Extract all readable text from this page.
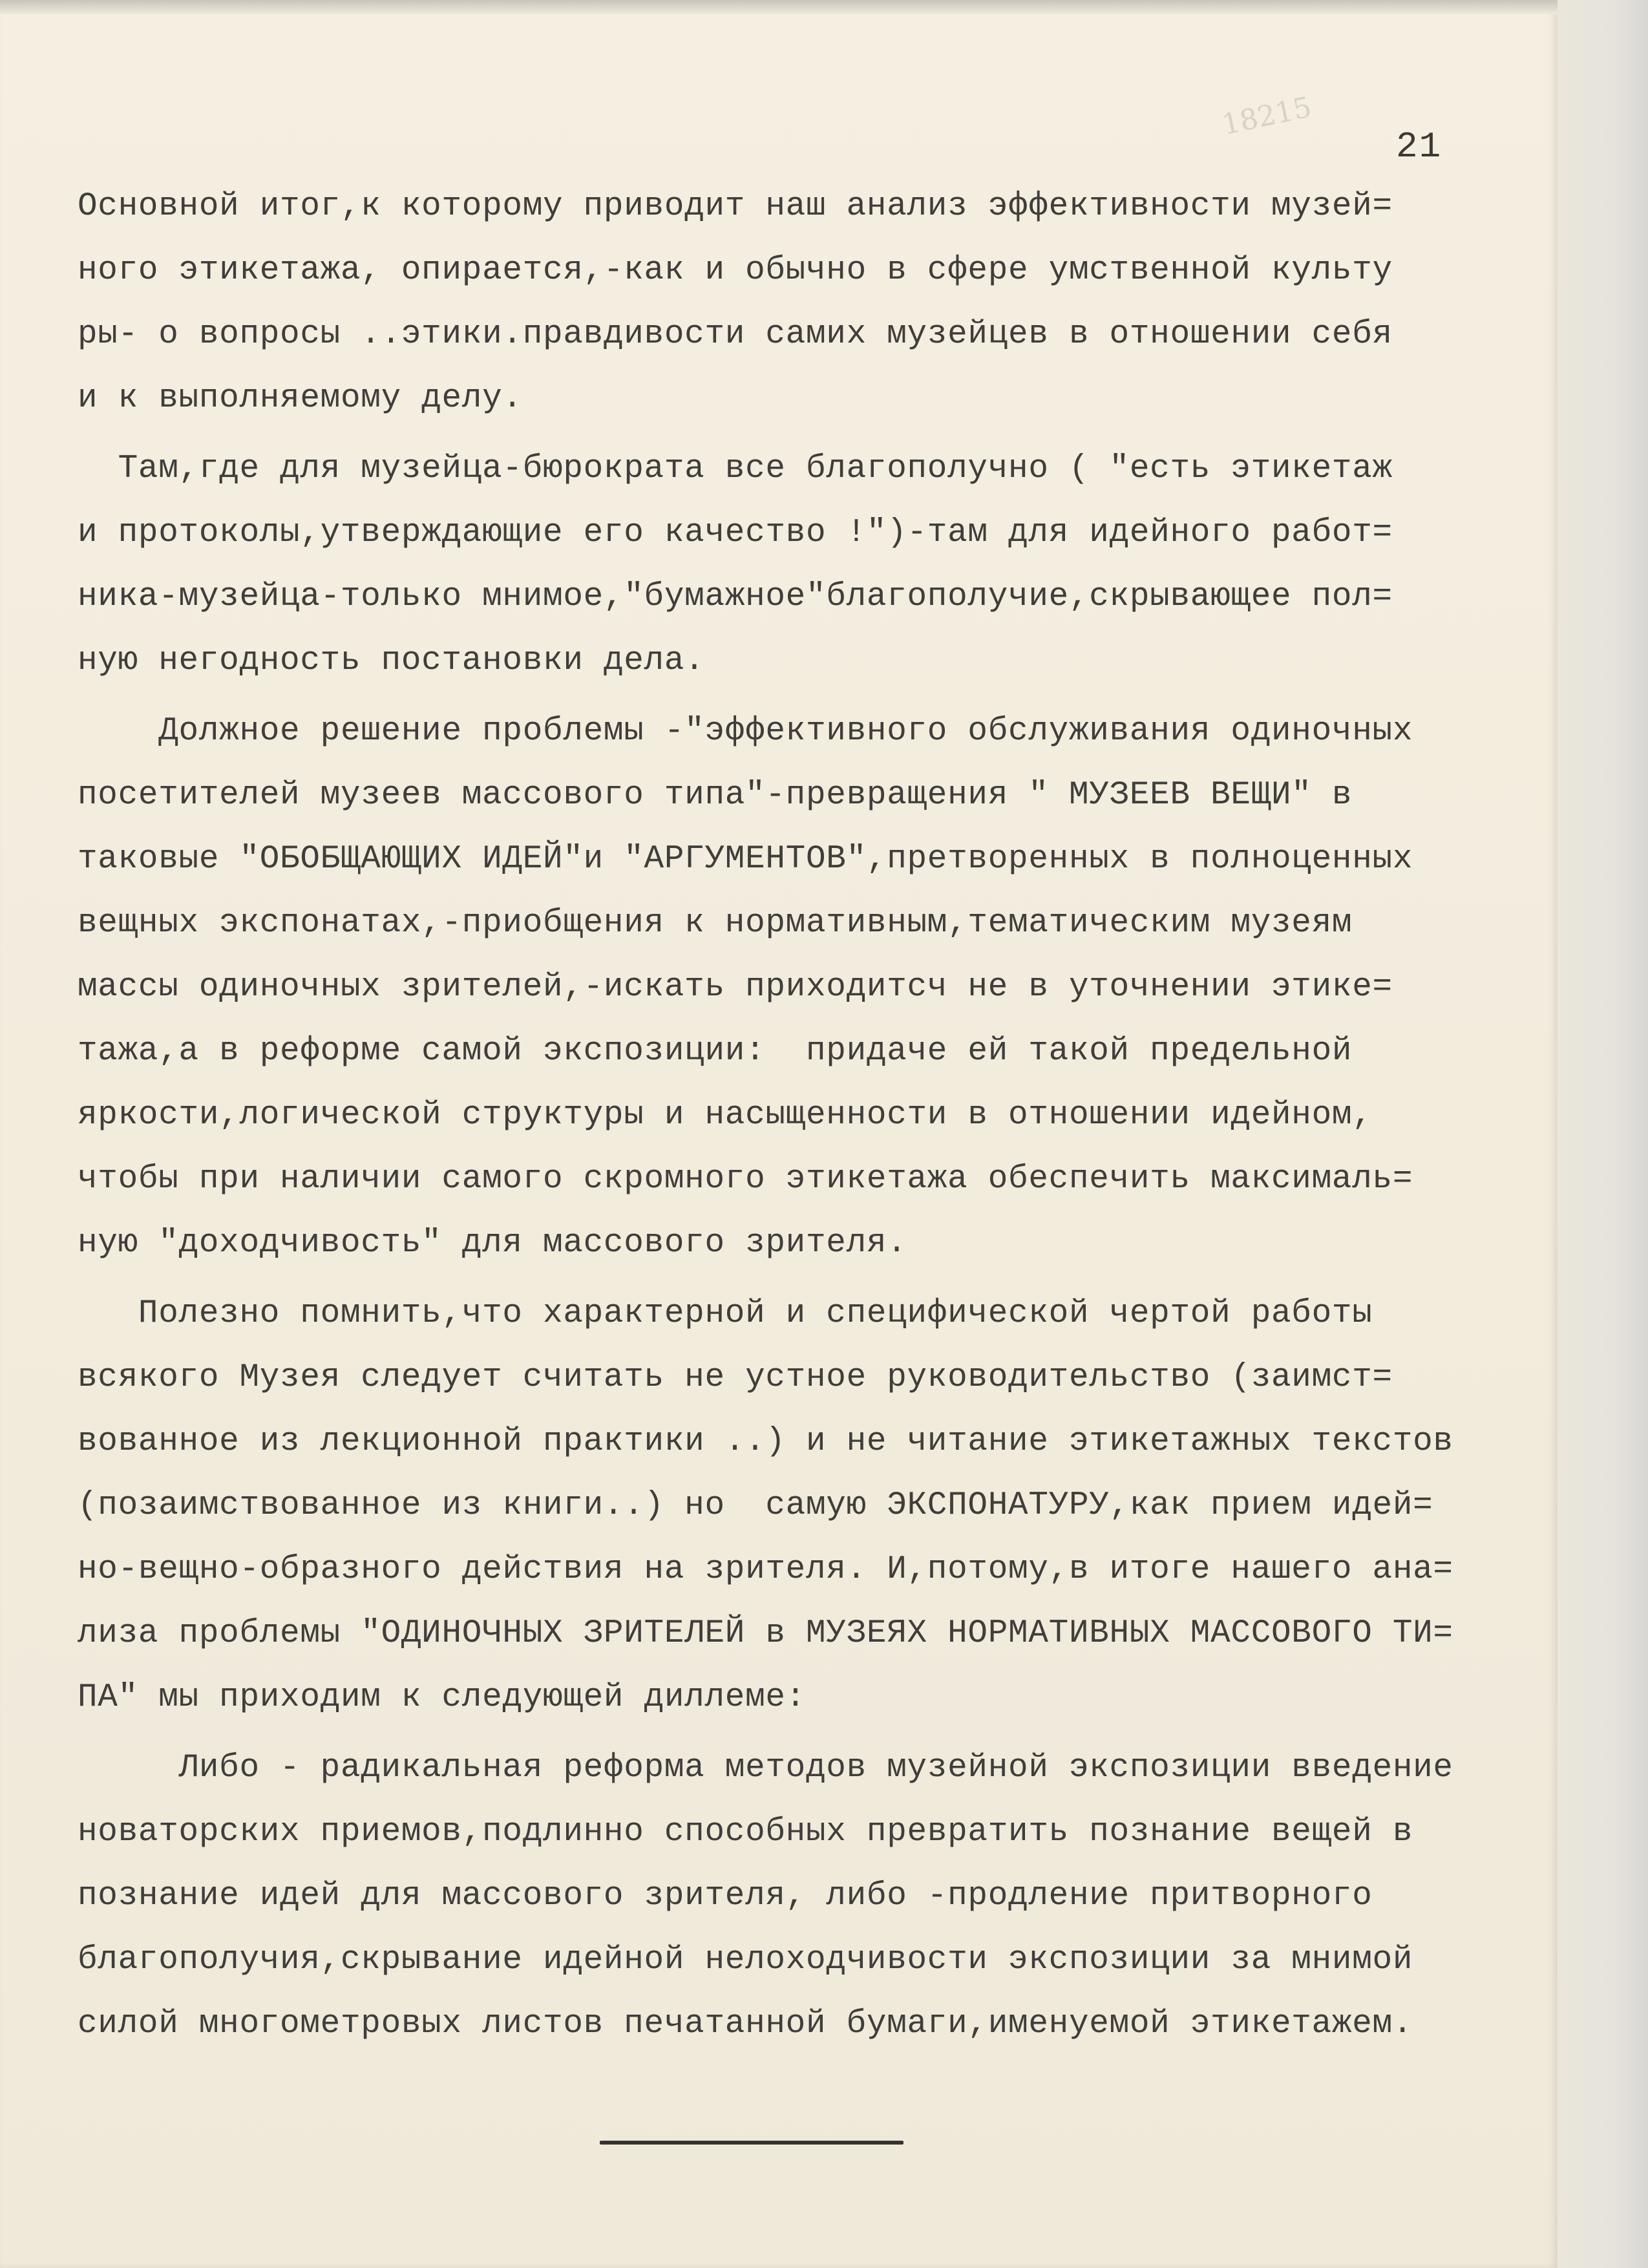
18215
21
Основной итог,к которому приводит наш анализ эффективности музей=
ного этикетажа, опирается,-как и обычно в сфере умственной культу
ры- о вопросы ..этики.правдивости самих музейцев в отношении себя
и к выполняемому делу.
Там,где для музейца-бюрократа все благополучно ( "есть этикетаж
и протоколы,утверждающие его качество !")-там для идейного работ=
ника-музейца-только мнимое,"бумажное"благополучие,скрывающее пол=
ную негодность постановки дела.
Должное решение проблемы -"эффективного обслуживания одиночных
посетителей музеев массового типа"-превращения " МУЗЕЕВ ВЕЩИ" в
таковые "ОБОБЩАЮЩИХ ИДЕЙ"и "АРГУМЕНТОВ",претворенных в полноценных
вещных экспонатах,-приобщения к нормативным,тематическим музеям
массы одиночных зрителей,-искать приходитсч не в уточнении этике=
тажа,а в реформе самой экспозиции:  придаче ей такой предельной
яркости,логической структуры и насыщенности в отношении идейном,
чтобы при наличии самого скромного этикетажа обеспечить максималь=
ную "доходчивость" для массового зрителя.
Полезно помнить,что характерной и специфической чертой работы
всякого Музея следует считать не устное руководительство (заимст=
вованное из лекционной практики ..) и не читание этикетажных текстов
(позаимствованное из книги..) но  самую ЭКСПОНАТУРУ,как прием идей=
но-вещно-образного действия на зрителя. И,потому,в итоге нашего ана=
лиза проблемы "ОДИНОЧНЫХ ЗРИТЕЛЕЙ в МУЗЕЯХ НОРМАТИВНЫХ МАССОВОГО ТИ=
ПА" мы приходим к следующей диллеме:
Либо - радикальная реформа методов музейной экспозиции введение
новаторских приемов,подлинно способных превратить познание вещей в
познание идей для массового зрителя, либо -продление притворного
благополучия,скрывание идейной нелоходчивости экспозиции за мнимой
силой многометровых листов печатанной бумаги,именуемой этикетажем.
